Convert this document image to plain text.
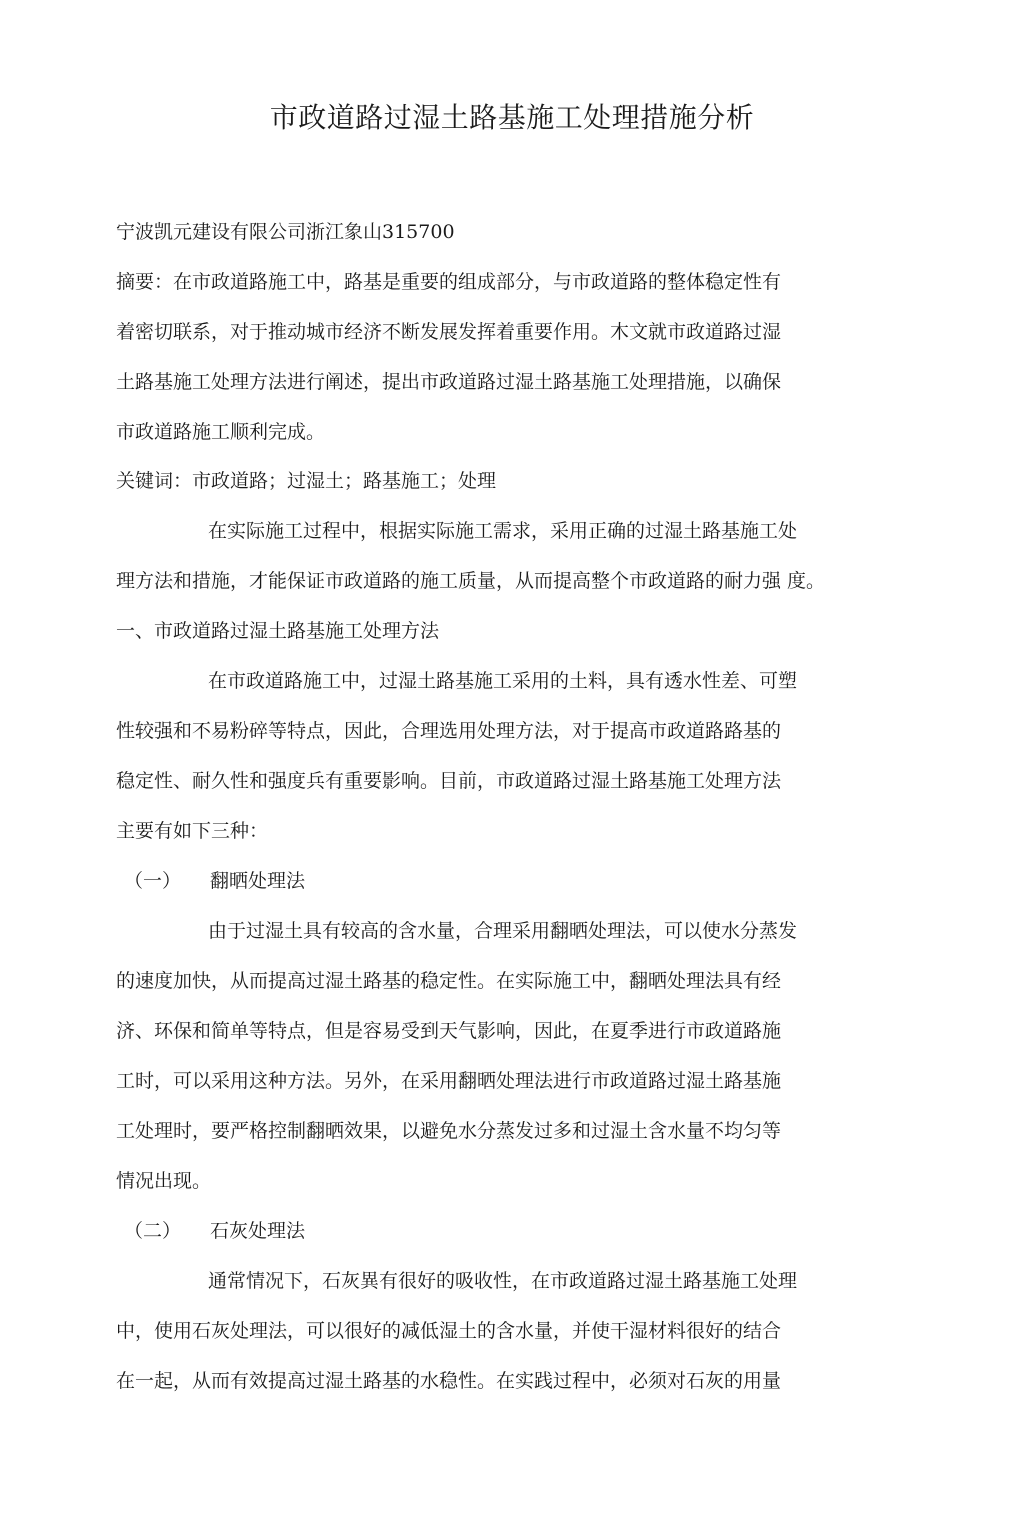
市政道路过湿土路基施工处理措施分析

宁波凯元建设有限公司浙江象山315700

摘要：在市政道路施工中，路基是重要的组成部分，与市政道路的整体稳定性有

着密切联系，对于推动城市经济不断发展发挥着重要作用。木文就市政道路过湿

土路基施工处理方法进行阐述，提出市政道路过湿土路基施工处理措施，以确保

市政道路施工顺利完成。

关键词：市政道路；过湿土；路基施工；处理

在实际施工过程中，根据实际施工需求，采用正确的过湿土路基施工处

理方法和措施，才能保证市政道路的施工质量，从而提高整个市政道路的耐力强 度。

一、市政道路过湿土路基施工处理方法

在市政道路施工中，过湿土路基施工采用的土料，具有透水性差、可塑

性较强和不易粉碎等特点，因此，合理选用处理方法，对于提高市政道路路基的

稳定性、耐久性和强度兵有重要影响。目前，市政道路过湿土路基施工处理方法

主要有如下三种：

（一） 翻晒处理法

由于过湿土具有较高的含水量，合理采用翻晒处理法，可以使水分蒸发

的速度加快，从而提高过湿土路基的稳定性。在实际施工中，翻晒处理法具有经

济、环保和简单等特点，但是容易受到天气影响，因此，在夏季进行市政道路施

工时，可以采用这种方法。另外，在采用翻晒处理法进行市政道路过湿土路基施

工处理时，要严格控制翻晒效果，以避免水分蒸发过多和过湿土含水量不均匀等

情况出现。

（二） 石灰处理法

通常情况下，石灰異有很好的吸收性，在市政道路过湿土路基施工处理

中，使用石灰处理法，可以很好的减低湿土的含水量，并使干湿材料很好的结合

在一起，从而有效提高过湿土路基的水稳性。在实践过程中，必须对石灰的用量
